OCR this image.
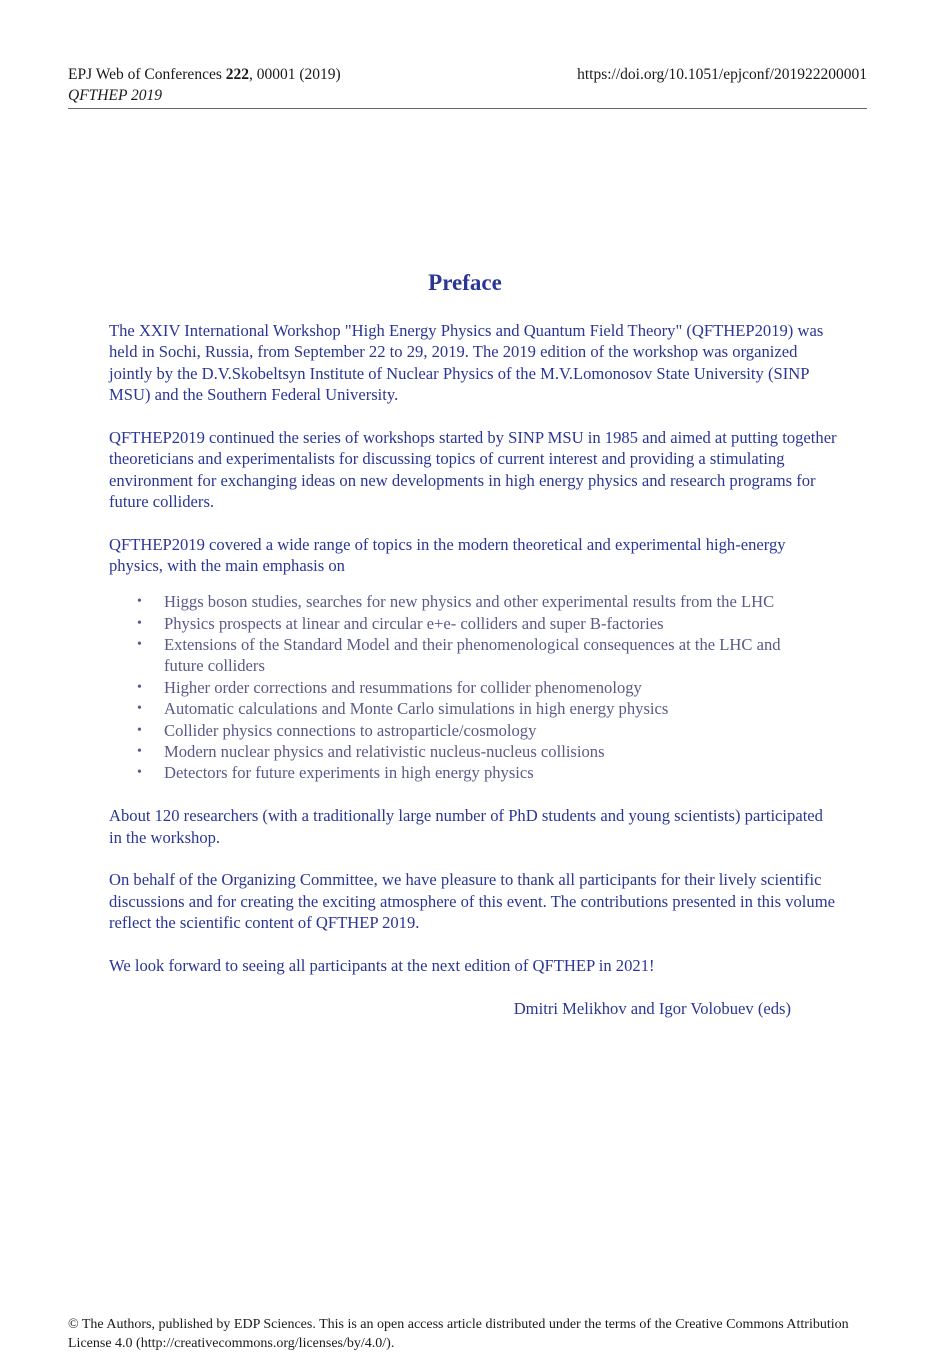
EPJ Web of Conferences 222, 00001 (2019)	https://doi.org/10.1051/epjconf/201922200001
QFTHEP 2019
Preface

The XXIV International Workshop "High Energy Physics and Quantum Field Theory" (QFTHEP2019) was held in Sochi, Russia, from September 22 to 29, 2019. The 2019 edition of the workshop was organized jointly by the D.V.Skobeltsyn Institute of Nuclear Physics of the M.V.Lomonosov State University (SINP MSU) and the Southern Federal University.

QFTHEP2019 continued the series of workshops started by SINP MSU in 1985 and aimed at putting together theoreticians and experimentalists for discussing topics of current interest and providing a stimulating environment for exchanging ideas on new developments in high energy physics and research programs for future colliders.

QFTHEP2019 covered a wide range of topics in the modern theoretical and experimental high-energy physics, with the main emphasis on

• Higgs boson studies, searches for new physics and other experimental results from the LHC
• Physics prospects at linear and circular e+e- colliders and super B-factories
• Extensions of the Standard Model and their phenomenological consequences at the LHC and future colliders
• Higher order corrections and resummations for collider phenomenology
• Automatic calculations and Monte Carlo simulations in high energy physics
• Collider physics connections to astroparticle/cosmology
• Modern nuclear physics and relativistic nucleus-nucleus collisions
• Detectors for future experiments in high energy physics

About 120 researchers (with a traditionally large number of PhD students and young scientists) participated in the workshop.

On behalf of the Organizing Committee, we have pleasure to thank all participants for their lively scientific discussions and for creating the exciting atmosphere of this event. The contributions presented in this volume reflect the scientific content of QFTHEP 2019.

We look forward to seeing all participants at the next edition of QFTHEP in 2021!

Dmitri Melikhov and Igor Volobuev (eds)
© The Authors, published by EDP Sciences. This is an open access article distributed under the terms of the Creative Commons Attribution License 4.0 (http://creativecommons.org/licenses/by/4.0/).
